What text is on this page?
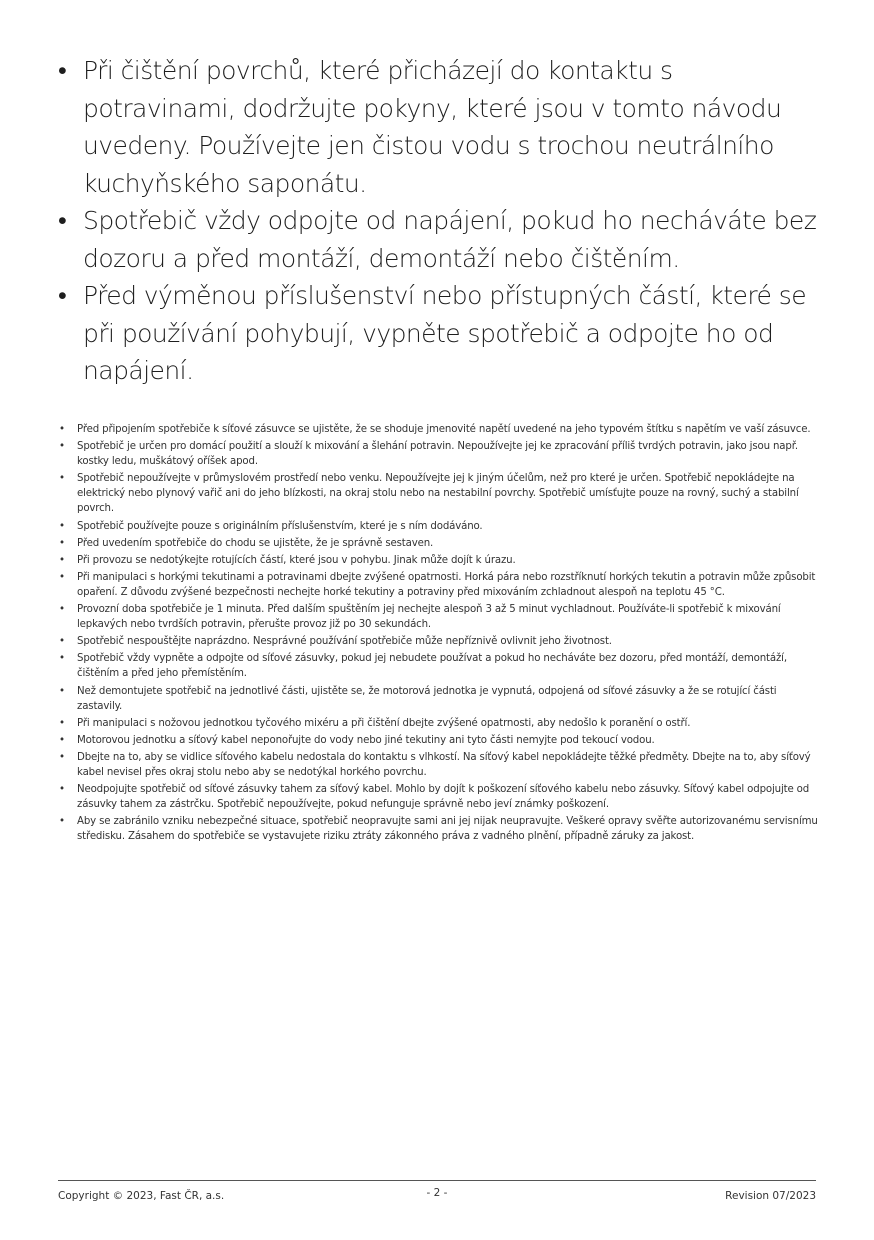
• Při čištění povrchů, které přicházejí do kontaktu s potravinami, dodržujte pokyny, které jsou v tomto návodu uvedeny. Používejte jen čistou vodu s trochou neutrálního kuchyňského saponátu.
• Spotřebič vždy odpojte od napájení, pokud ho necháváte bez dozoru a před montáží, demontáží nebo čištěním.
• Před výměnou příslušenství nebo přístupných částí, které se při používání pohybují, vypněte spotřebič a odpojte ho od napájení.
• Před připojením spotřebiče k síťové zásuvce se ujistěte, že se shoduje jmenovité napětí uvedené na jeho typovém štítku s napětím ve vaší zásuvce.
• Spotřebič je určen pro domácí použití a slouží k mixování a šlehání potravin. Nepoužívejte jej ke zpracování příliš tvrdých potravin, jako jsou např. kostky ledu, muškátový oříšek apod.
• Spotřebič nepoužívejte v průmyslovém prostředí nebo venku. Nepoužívejte jej k jiným účelům, než pro které je určen. Spotřebič nepokládejte na elektrický nebo plynový vařič ani do jeho blízkosti, na okraj stolu nebo na nestabilní povrchy. Spotřebič umísťujte pouze na rovný, suchý a stabilní povrch.
• Spotřebič používejte pouze s originálním příslušenstvím, které je s ním dodáváno.
• Před uvedením spotřebiče do chodu se ujistěte, že je správně sestaven.
• Při provozu se nedotýkejte rotujících částí, které jsou v pohybu. Jinak může dojít k úrazu.
• Při manipulaci s horkými tekutinami a potravinami dbejte zvýšené opatrnosti. Horká pára nebo rozstříknutí horkých tekutin a potravin může způsobit opaření. Z důvodu zvýšené bezpečnosti nechejte horké tekutiny a potraviny před mixováním zchladnout alespoň na teplotu 45 °C.
• Provozní doba spotřebiče je 1 minuta. Před dalším spuštěním jej nechejte alespoň 3 až 5 minut vychladnout. Používáte-li spotřebič k mixování lepkavých nebo tvrdších potravin, přerušte provoz již po 30 sekundách.
• Spotřebič nespouštějte naprázdno. Nesprávné používání spotřebiče může nepříznivě ovlivnit jeho životnost.
• Spotřebič vždy vypněte a odpojte od síťové zásuvky, pokud jej nebudete používat a pokud ho necháváte bez dozoru, před montáží, demontáží, čištěním a před jeho přemístěním.
• Než demontujete spotřebič na jednotlivé části, ujistěte se, že motorová jednotka je vypnutá, odpojená od síťové zásuvky a že se rotující části zastavily.
• Při manipulaci s nožovou jednotkou tyčového mixéru a při čištění dbejte zvýšené opatrnosti, aby nedošlo k poranění o ostří.
• Motorovou jednotku a síťový kabel neponořujte do vody nebo jiné tekutiny ani tyto části nemyjte pod tekoucí vodou.
• Dbejte na to, aby se vidlice síťového kabelu nedostala do kontaktu s vlhkostí. Na síťový kabel nepokládejte těžké předměty. Dbejte na to, aby síťový kabel nevisel přes okraj stolu nebo aby se nedotýkal horkého povrchu.
• Neodpojujte spotřebič od síťové zásuvky tahem za síťový kabel. Mohlo by dojít k poškození síťového kabelu nebo zásuvky. Síťový kabel odpojujte od zásuvky tahem za zástrčku. Spotřebič nepoužívejte, pokud nefunguje správně nebo jeví známky poškození.
• Aby se zabránilo vzniku nebezpečné situace, spotřebič neopravujte sami ani jej nijak neupravujte. Veškeré opravy svěřte autorizovanému servisnímu středisku. Zásahem do spotřebiče se vystavujete riziku ztráty zákonného práva z vadného plnění, případně záruky za jakost.
Copyright © 2023, Fast ČR, a.s.	- 2 -	Revision 07/2023
